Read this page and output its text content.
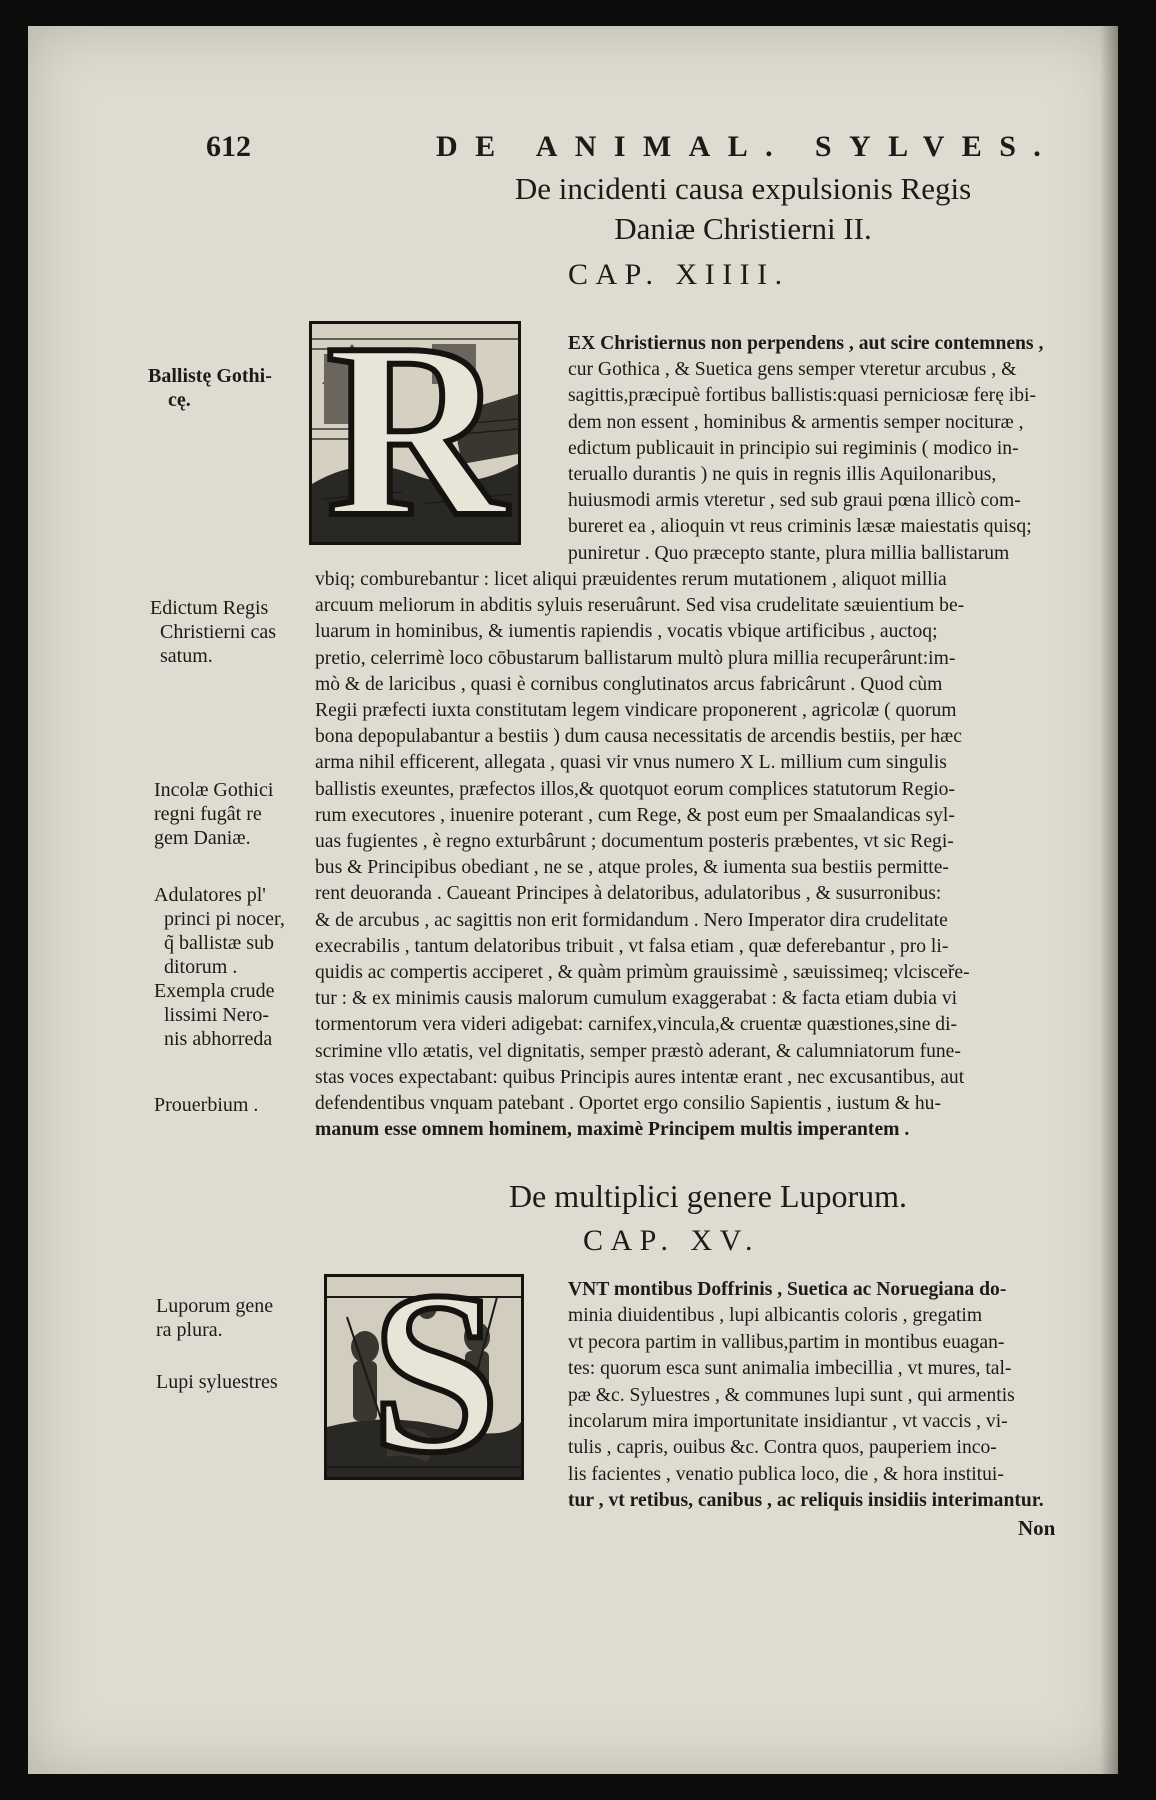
612	DE ANIMAL. SYLVES.
De incidenti causa expulsionis Regis
Daniæ Christierni II.
CAP. XIIII.
R	EX Christiernus non perpendens , aut scire contemnens ,
cur Gothica , & Suetica gens semper vteretur arcubus , &
sagittis,præcipuè fortibus ballistis:quasi perniciosæ ferę ibi-
dem non essent , hominibus & armentis semper nocituræ ,
edictum publicauit in principio sui regiminis ( modico in-
teruallo durantis ) ne quis in regnis illis Aquilonaribus,
huiusmodi armis vteretur , sed sub graui pœna illicò com-
bureret ea , alioquin vt reus criminis læsæ maiestatis quisq;
puniretur . Quo præcepto stante, plura millia ballistarum
vbiq; comburebantur : licet aliqui præuidentes rerum mutationem , aliquot millia
arcuum meliorum in abditis syluis reseruârunt. Sed visa crudelitate sæuientium be-
luarum in hominibus, & iumentis rapiendis , vocatis vbique artificibus , auctoq;
pretio, celerrimè loco cōbustarum ballistarum multò plura millia recuperârunt:im-
mò & de laricibus , quasi è cornibus conglutinatos arcus fabricârunt . Quod cùm
Regii præfecti iuxta constitutam legem vindicare proponerent , agricolæ ( quorum
bona depopulabantur a bestiis ) dum causa necessitatis de arcendis bestiis, per hæc
arma nihil efficerent, allegata , quasi vir vnus numero X L. millium cum singulis
ballistis exeuntes, præfectos illos,& quotquot eorum complices statutorum Regio-
rum executores , inuenire poterant , cum Rege, & post eum per Smaalandicas syl-
uas fugientes , è regno exturbârunt ; documentum posteris præbentes, vt sic Regi-
bus & Principibus obediant , ne se , atque proles, & iumenta sua bestiis permitte-
rent deuoranda . Caueant Principes à delatoribus, adulatoribus , & susurronibus:
& de arcubus , ac sagittis non erit formidandum . Nero Imperator dira crudelitate
execrabilis , tantum delatoribus tribuit , vt falsa etiam , quæ deferebantur , pro li-
quidis ac compertis acciperet , & quàm primùm grauissimè , sæuissimeq; vlcisceře-
tur : & ex minimis causis malorum cumulum exaggerabat : & facta etiam dubia vi
tormentorum vera videri adigebat: carnifex,vincula,& cruentæ quæstiones,sine di-
scrimine vllo ætatis, vel dignitatis, semper præstò aderant, & calumniatorum fune-
stas voces expectabant: quibus Principis aures intentæ erant , nec excusantibus, aut
defendentibus vnquam patebant . Oportet ergo consilio Sapientis , iustum & hu-
manum esse omnem hominem, maximè Principem multis imperantem .
Ballistę Gothi-
cę.
Edictum Regis
Christierni cas
satum.
Incolæ Gothici
regni fugât re
gem Daniæ.
Adulatores pl'
princi pi nocer,
q̃ ballistæ sub
ditorum .
Exempla crude
lissimi Nero-
nis abhorreda
Prouerbium .
De multiplici genere Luporum.
CAP. XV.
S	VNT montibus Doffrinis , Suetica ac Noruegiana do-
minia diuidentibus , lupi albicantis coloris , gregatim
vt pecora partim in vallibus,partim in montibus euagan-
tes: quorum esca sunt animalia imbecillia , vt mures, tal-
pæ &c. Syluestres , & communes lupi sunt , qui armentis
incolarum mira importunitate insidiantur , vt vaccis , vi-
tulis , capris, ouibus &c. Contra quos, pauperiem inco-
lis facientes , venatio publica loco, die , & hora institui-
tur , vt retibus, canibus , ac reliquis insidiis interimantur.
Non
Luporum gene
ra plura.
Lupi syluestres
